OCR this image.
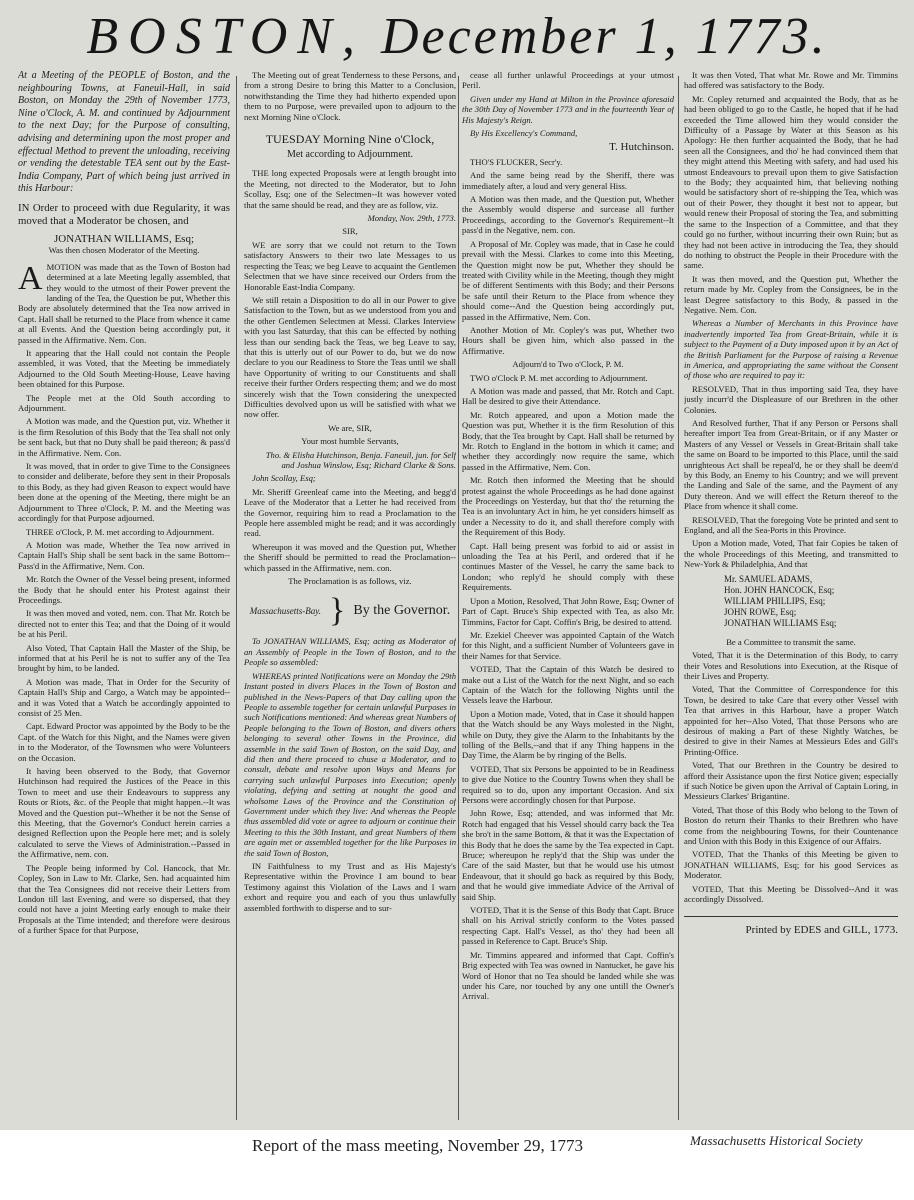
BOSTON, December 1, 1773.

At a Meeting of the PEOPLE of Boston, and the neighbouring Towns, at Faneuil-Hall, in said Boston, on Monday the 29th of November 1773, Nine o'Clock, A. M. and continued by Adjournment to the next Day; for the Purpose of consulting, advising and determining upon the most proper and effectual Method to prevent the unloading, receiving or vending the detestable TEA sent out by the East-India Company, Part of which being just arrived in this Harbour:

IN Order to proceed with due Regularity, it was moved that a Moderator be chosen, and

JONATHAN WILLIAMS, Esq;

Was then chosen Moderator of the Meeting.

AMOTION was made that as the Town of Boston had determined at a late Meeting legally assembled, that they would to the utmost of their Power prevent the landing of the Tea, the Question be put, Whether this Body are absolutely determined that the Tea now arrived in Capt. Hall shall be returned to the Place from whence it came at all Events. And the Question being accordingly put, it passed in the Affirmative. Nem. Con.

It appearing that the Hall could not contain the People assembled, it was Voted, that the Meeting be immediately Adjourned to the Old South Meeting-House, Leave having been obtained for this Purpose.

The People met at the Old South according to Adjournment.

A Motion was made, and the Question put, viz. Whether it is the firm Resolution of this Body that the Tea shall not only be sent back, but that no Duty shall be paid thereon; & pass'd in the Affirmative. Nem. Con.

It was moved, that in order to give Time to the Consignees to consider and deliberate, before they sent in their Proposals to this Body, as they had given Reason to expect would have been done at the opening of the Meeting, there might be an Adjournment to Three o'Clock, P. M. and the Meeting was accordingly for that Purpose adjourned.

THREE o'Clock, P. M. met according to Adjournment.

A Motion was made, Whether the Tea now arrived in Captain Hall's Ship shall be sent back in the same Bottom--Pass'd in the Affirmative, Nem. Con.

Mr. Rotch the Owner of the Vessel being present, informed the Body that he should enter his Protest against their Proceedings.

It was then moved and voted, nem. con. That Mr. Rotch be directed not to enter this Tea; and that the Doing of it would be at his Peril.

Also Voted, That Captain Hall the Master of the Ship, be informed that at his Peril he is not to suffer any of the Tea brought by him, to be landed.

A Motion was made, That in Order for the Security of Captain Hall's Ship and Cargo, a Watch may be appointed--and it was Voted that a Watch be accordingly appointed to consist of 25 Men.

Capt. Edward Proctor was appointed by the Body to be the Capt. of the Watch for this Night, and the Names were given in to the Moderator, of the Townsmen who were Volunteers on the Occasion.

It having been observed to the Body, that Governor Hutchinson had required the Justices of the Peace in this Town to meet and use their Endeavours to suppress any Routs or Riots, &c. of the People that might happen.--It was Moved and the Question put--Whether it be not the Sense of this Meeting, that the Governor's Conduct herein carries a designed Reflection upon the People here met; and is solely calculated to serve the Views of Administration.--Passed in the Affirmative, nem. con.

The People being informed by Col. Hancock, that Mr. Copley, Son in Law to Mr. Clarke, Sen. had acquainted him that the Tea Consignees did not receive their Letters from London till last Evening, and were so dispersed, that they could not have a joint Meeting early enough to make their Proposals at the Time intended; and therefore were desirous of a further Space for that Purpose,

The Meeting out of great Tenderness to these Persons, and from a strong Desire to bring this Matter to a Conclusion, notwithstanding the Time they had hitherto expended upon them to no Purpose, were prevailed upon to adjourn to the next Morning Nine o'Clock.

TUESDAY Morning Nine o'Clock,

Met according to Adjournment.

THE long expected Proposals were at length brought into the Meeting, not directed to the Moderator, but to John Scollay, Esq; one of the Selectmen--It was however voted that the same should be read, and they are as follow, viz.

Monday, Nov. 29th, 1773.

SIR,

WE are sorry that we could not return to the Town satisfactory Answers to their two late Messages to us respecting the Teas; we beg Leave to acquaint the Gentlemen Selectmen that we have since received our Orders from the Honorable East-India Company.

We still retain a Disposition to do all in our Power to give Satisfaction to the Town, but as we understood from you and the other Gentlemen Selectmen at Messi. Clarkes Interview with you last Saturday, that this can be effected by nothing less than our sending back the Teas, we beg Leave to say, that this is utterly out of our Power to do, but we do now declare to you our Readiness to Store the Teas until we shall have Opportunity of writing to our Constituents and shall receive their further Orders respecting them; and we do most sincerely wish that the Town considering the unexpected Difficulties devolved upon us will be satisfied with what we now offer.

We are, SIR,

Your most humble Servants,

Tho. & Elisha Hutchinson, Benja. Faneuil, jun. for Self and Joshua Winslow, Esq; Richard Clarke & Sons.

John Scollay, Esq;

Mr. Sheriff Greenleaf came into the Meeting, and begg'd Leave of the Moderator that a Letter he had received from the Governor, requiring him to read a Proclamation to the People here assembled might be read; and it was accordingly read.

Whereupon it was moved and the Question put, Whether the Sheriff should be permitted to read the Proclamation--which passed in the Affirmative, nem. con.

The Proclamation is as follows, viz.

Massachusetts-Bay. } By the Governor.

To JONATHAN WILLIAMS, Esq; acting as Moderator of an Assembly of People in the Town of Boston, and to the People so assembled:

WHEREAS printed Notifications were on Monday the 29th Instant posted in divers Places in the Town of Boston and published in the News-Papers of that Day calling upon the People to assemble together for certain unlawful Purposes in such Notifications mentioned: And whereas great Numbers of People belonging to the Town of Boston, and divers others belonging to several other Towns in the Province, did assemble in the said Town of Boston, on the said Day, and did then and there proceed to chuse a Moderator, and to consult, debate and resolve upon Ways and Means for carrying such unlawful Purposes into Execution; openly violating, defying and setting at nought the good and wholsome Laws of the Province and the Constitution of Government under which they live: And whereas the People thus assembled did vote or agree to adjourn or continue their Meeting to this the 30th Instant, and great Numbers of them are again met or assembled together for the like Purposes in the said Town of Boston,

IN Faithfulness to my Trust and as His Majesty's Representative within the Province I am bound to bear Testimony against this Violation of the Laws and I warn exhort and require you and each of you thus unlawfully assembled forthwith to disperse and to sur-

cease all further unlawful Proceedings at your utmost Peril.

Given under my Hand at Milton in the Province aforesaid the 30th Day of November 1773 and in the fourteenth Year of His Majesty's Reign.

By His Excellency's Command,

T. Hutchinson.

THO'S FLUCKER, Secr'y.

And the same being read by the Sheriff, there was immediately after, a loud and very general Hiss.

A Motion was then made, and the Question put, Whether the Assembly would disperse and surcease all further Proceedings, according to the Governor's Requirement--It pass'd in the Negative, nem. con.

A Proposal of Mr. Copley was made, that in Case he could prevail with the Messi. Clarkes to come into this Meeting, the Question might now be put, Whether they should be treated with Civility while in the Meeting, though they might be of different Sentiments with this Body; and their Persons be safe until their Return to the Place from whence they should come--And the Question being accordingly put, passed in the Affirmative, Nem. Con.

Another Motion of Mr. Copley's was put, Whether two Hours shall be given him, which also passed in the Affirmative.

Adjourn'd to Two o'Clock, P. M.

TWO o'Clock P. M. met according to Adjournment.

A Motion was made and passed, that Mr. Rotch and Capt. Hall be desired to give their Attendance.

Mr. Rotch appeared, and upon a Motion made the Question was put, Whether it is the firm Resolution of this Body, that the Tea brought by Capt. Hall shall be returned by Mr. Rotch to England in the bottom in which it came; and whether they accordingly now require the same, which passed in the Affirmative, Nem. Con.

Mr. Rotch then informed the Meeting that he should protest against the whole Proceedings as he had done against the Proceedings on Yesterday, but that tho' the returning the Tea is an involuntary Act in him, he yet considers himself as under a Necessity to do it, and shall therefore comply with the Requirement of this Body.

Capt. Hall being present was forbid to aid or assist in unloading the Tea at his Peril, and ordered that if he continues Master of the Vessel, he carry the same back to London; who reply'd he should comply with these Requirements.

Upon a Motion, Resolved, That John Rowe, Esq; Owner of Part of Capt. Bruce's Ship expected with Tea, as also Mr. Timmins, Factor for Capt. Coffin's Brig, be desired to attend.

Mr. Ezekiel Cheever was appointed Captain of the Watch for this Night, and a sufficient Number of Volunteers gave in their Names for that Service.

VOTED, That the Captain of this Watch be desired to make out a List of the Watch for the next Night, and so each Captain of the Watch for the following Nights until the Vessels leave the Harbour.

Upon a Motion made, Voted, that in Case it should happen that the Watch should be any Ways molested in the Night, while on Duty, they give the Alarm to the Inhabitants by the tolling of the Bells,--and that if any Thing happens in the Day Time, the Alarm be by ringing of the Bells.

VOTED, That six Persons be appointed to be in Readiness to give due Notice to the Country Towns when they shall be required so to do, upon any important Occasion. And six Persons were accordingly chosen for that Purpose.

John Rowe, Esq; attended, and was informed that Mr. Rotch had engaged that his Vessel should carry back the Tea she bro't in the same Bottom, & that it was the Expectation of this Body that he does the same by the Tea expected in Capt. Bruce; whereupon he reply'd that the Ship was under the Care of the said Master, but that he would use his utmost Endeavour, that it should go back as required by this Body, and that he would give immediate Advice of the Arrival of said Ship.

VOTED, That it is the Sense of this Body that Capt. Bruce shall on his Arrival strictly conform to the Votes passed respecting Capt. Hall's Vessel, as tho' they had been all passed in Reference to Capt. Bruce's Ship.

Mr. Timmins appeared and informed that Capt. Coffin's Brig expected with Tea was owned in Nantucket, he gave his Word of Honor that no Tea should be landed while she was under his Care, nor touched by any one untill the Owner's Arrival.

It was then Voted, That what Mr. Rowe and Mr. Timmins had offered was satisfactory to the Body.

Mr. Copley returned and acquainted the Body, that as he had been obliged to go to the Castle, he hoped that if he had exceeded the Time allowed him they would consider the Difficulty of a Passage by Water at this Season as his Apology: He then further acquainted the Body, that he had seen all the Consignees, and tho' he had convinced them that they might attend this Meeting with safety, and had used his utmost Endeavours to prevail upon them to give Satisfaction to the Body; they acquainted him, that believing nothing would be satisfactory short of re-shipping the Tea, which was out of their Power, they thought it best not to appear, but would renew their Proposal of storing the Tea, and submitting the same to the Inspection of a Committee, and that they could go no further, without incurring their own Ruin; but as they had not been active in introducing the Tea, they should do nothing to obstruct the People in their Procedure with the same.

It was then moved, and the Question put, Whether the return made by Mr. Copley from the Consignees, be in the least Degree satisfactory to this Body, & passed in the Negative. Nem. Con.

Whereas a Number of Merchants in this Province have inadvertently imported Tea from Great-Britain, while it is subject to the Payment of a Duty imposed upon it by an Act of the British Parliament for the Purpose of raising a Revenue in America, and appropriating the same without the Consent of those who are required to pay it:

RESOLVED, That in thus importing said Tea, they have justly incurr'd the Displeasure of our Brethren in the other Colonies.

And Resolved further, That if any Person or Persons shall hereafter import Tea from Great-Britain, or if any Master or Masters of any Vessel or Vessels in Great-Britain shall take the same on Board to be imported to this Place, until the said unrighteous Act shall be repeal'd, he or they shall be deem'd by this Body, an Enemy to his Country; and we will prevent the Landing and Sale of the same, and the Payment of any Duty thereon. And we will effect the Return thereof to the Place from whence it shall come.

RESOLVED, That the foregoing Vote be printed and sent to England, and all the Sea-Ports in this Province.

Upon a Motion made, Voted, That fair Copies be taken of the whole Proceedings of this Meeting, and transmitted to New-York & Philadelphia, And that

Mr. SAMUEL ADAMS,
Hon. JOHN HANCOCK, Esq;
WILLIAM PHILLIPS, Esq;
JOHN ROWE, Esq;
JONATHAN WILLIAMS Esq;

Be a Committee to transmit the same.

Voted, That it is the Determination of this Body, to carry their Votes and Resolutions into Execution, at the Risque of their Lives and Property.

Voted, That the Committee of Correspondence for this Town, be desired to take Care that every other Vessel with Tea that arrives in this Harbour, have a proper Watch appointed for her--Also Voted, That those Persons who are desirous of making a Part of these Nightly Watches, be desired to give in their Names at Messieurs Edes and Gill's Printing-Office.

Voted, That our Brethren in the Country be desired to afford their Assistance upon the first Notice given; especially if such Notice be given upon the Arrival of Captain Loring, in Messieurs Clarkes' Brigantine.

Voted, That those of this Body who belong to the Town of Boston do return their Thanks to their Brethren who have come from the neighbouring Towns, for their Countenance and Union with this Body in this Exigence of our Affairs.

VOTED, That the Thanks of this Meeting be given to JONATHAN WILLIAMS, Esq; for his good Services as Moderator.

VOTED, That this Meeting be Dissolved--And it was accordingly Dissolved.

Printed by EDES and GILL, 1773.

Report of the mass meeting, November 29, 1773	Massachusetts Historical Society
